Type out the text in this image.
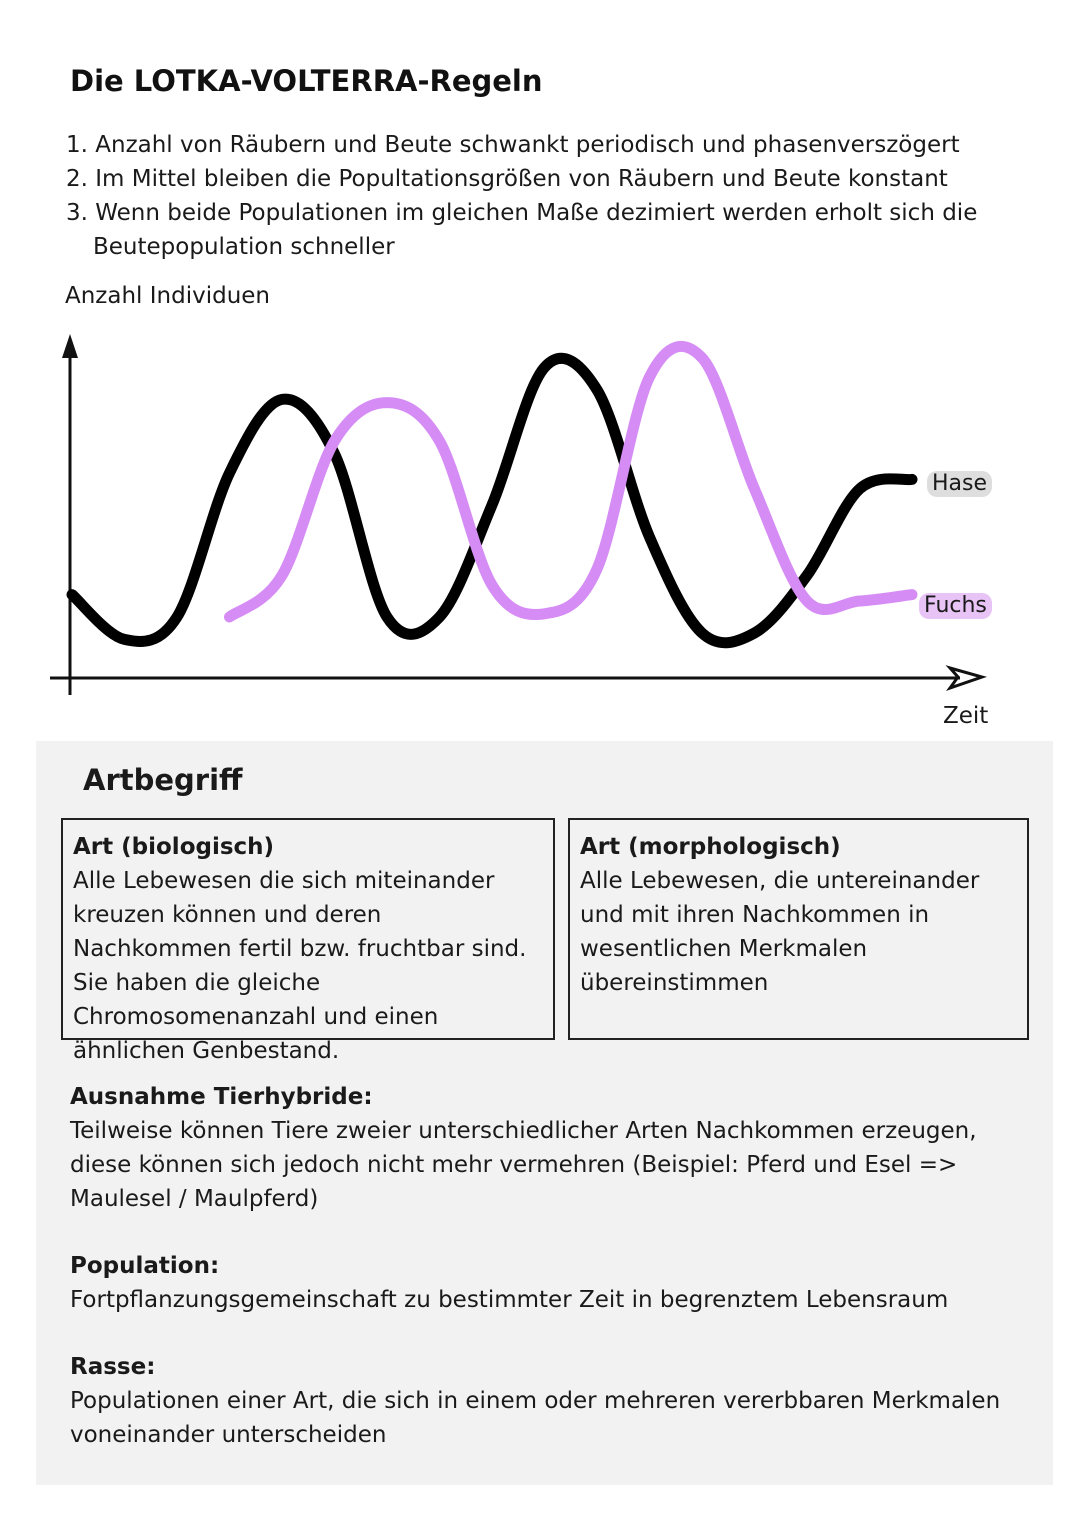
Die LOTKA-VOLTERRA-Regeln
1. Anzahl von Räubern und Beute schwankt periodisch und phasenverszögert
2. Im Mittel bleiben die Popultationsgrößen von Räubern und Beute konstant
3. Wenn beide Populationen im gleichen Maße dezimiert werden erholt sich die Beutepopulation schneller
Anzahl Individuen
Hase
Fuchs
Zeit
Artbegriff
Art (biologisch)
Alle Lebewesen die sich miteinander kreuzen können und deren Nachkommen fertil bzw. fruchtbar sind. Sie haben die gleiche Chromosomenanzahl und einen ähnlichen Genbestand.
Art (morphologisch)
Alle Lebewesen, die untereinander und mit ihren Nachkommen in wesentlichen Merkmalen übereinstimmen
Ausnahme Tierhybride:
Teilweise können Tiere zweier unterschiedlicher Arten Nachkommen erzeugen, diese können sich jedoch nicht mehr vermehren (Beispiel: Pferd und Esel => Maulesel / Maulpferd)
Population:
Fortpflanzungsgemeinschaft zu bestimmter Zeit in begrenztem Lebensraum
Rasse:
Populationen einer Art, die sich in einem oder mehreren vererbbaren Merkmalen voneinander unterscheiden
